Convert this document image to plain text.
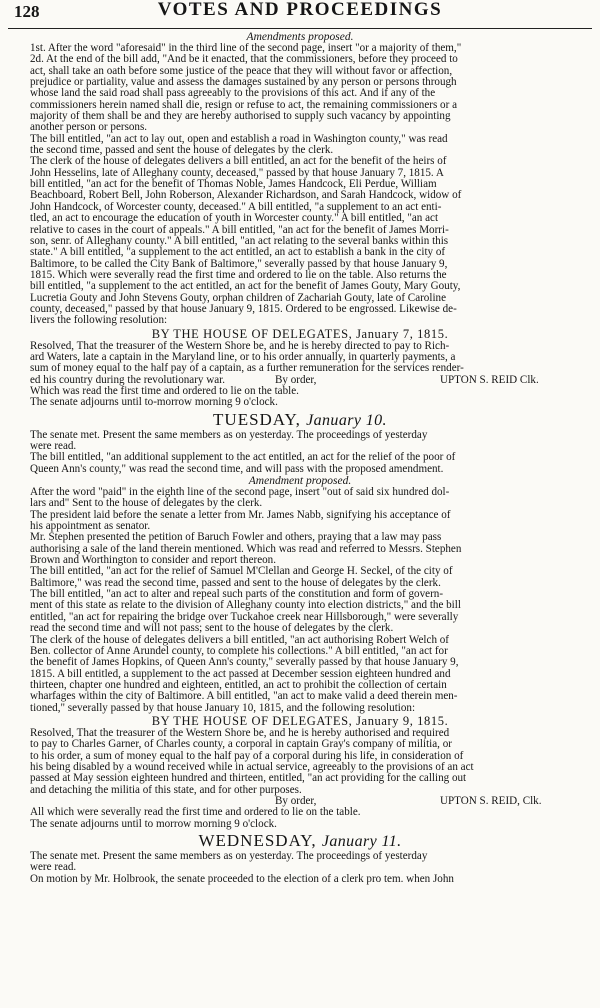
128	VOTES AND PROCEEDINGS

Amendments proposed.

1st. After the word "aforesaid" in the third line of the second page, insert "or a majority of them,"

2d. At the end of the bill add, "And be it enacted, that the commissioners, before they proceed to

act, shall take an oath before some justice of the peace that they will without favor or affection,

prejudice or partiality, value and assess the damages sustained by any person or persons through

whose land the said road shall pass agreeably to the provisions of this act. And if any of the

commissioners herein named shall die, resign or refuse to act, the remaining commissioners or a

majority of them shall be and they are hereby authorised to supply such vacancy by appointing

another person or persons.

The bill entitled, "an act to lay out, open and establish a road in Washington county," was read

the second time, passed and sent the house of delegates by the clerk.

The clerk of the house of delegates delivers a bill entitled, an act for the benefit of the heirs of

John Hesselins, late of Alleghany county, deceased," passed by that house January 7, 1815. A

bill entitled, "an act for the benefit of Thomas Noble, James Handcock, Eli Perdue, William

Beachboard, Robert Bell, John Roberson, Alexander Richardson, and Sarah Handcock, widow of

John Handcock, of Worcester county, deceased." A bill entitled, "a supplement to an act enti-

tled, an act to encourage the education of youth in Worcester county." A bill entitled, "an act

relative to cases in the court of appeals." A bill entitled, "an act for the benefit of James Morri-

son, senr. of Alleghany county." A bill entitled, "an act relating to the several banks within this

state." A bill entitled, "a supplement to the act entitled, an act to establish a bank in the city of

Baltimore, to be called the City Bank of Baltimore," severally passed by that house January 9,

1815. Which were severally read the first time and ordered to lie on the table. Also returns the

bill entitled, "a supplement to the act entitled, an act for the benefit of James Gouty, Mary Gouty,

Lucretia Gouty and John Stevens Gouty, orphan children of Zachariah Gouty, late of Caroline

county, deceased," passed by that house January 9, 1815. Ordered to be engrossed. Likewise de-

livers the following resolution:

BY THE HOUSE OF DELEGATES, January 7, 1815.

Resolved, That the treasurer of the Western Shore be, and he is hereby directed to pay to Rich-

ard Waters, late a captain in the Maryland line, or to his order annually, in quarterly payments, a

sum of money equal to the half pay of a captain, as a further remuneration for the services render-

ed his country during the revolutionary war.	By order,	UPTON S. REID Clk.

Which was read the first time and ordered to lie on the table.

The senate adjourns until to-morrow morning 9 o'clock.

TUESDAY, January 10.

The senate met. Present the same members as on yesterday. The proceedings of yesterday

were read.

The bill entitled, "an additional supplement to the act entitled, an act for the relief of the poor of

Queen Ann's county," was read the second time, and will pass with the proposed amendment.

Amendment proposed.

After the word "paid" in the eighth line of the second page, insert "out of said six hundred dol-

lars and" Sent to the house of delegates by the clerk.

The president laid before the senate a letter from Mr. James Nabb, signifying his acceptance of

his appointment as senator.

Mr. Stephen presented the petition of Baruch Fowler and others, praying that a law may pass

authorising a sale of the land therein mentioned. Which was read and referred to Messrs. Stephen

Brown and Worthington to consider and report thereon.

The bill entitled, "an act for the relief of Samuel M'Clellan and George H. Seckel, of the city of

Baltimore," was read the second time, passed and sent to the house of delegates by the clerk.

The bill entitled, "an act to alter and repeal such parts of the constitution and form of govern-

ment of this state as relate to the division of Alleghany county into election districts," and the bill

entitled, "an act for repairing the bridge over Tuckahoe creek near Hillsborough," were severally

read the second time and will not pass; sent to the house of delegates by the clerk.

The clerk of the house of delegates delivers a bill entitled, "an act authorising Robert Welch of

Ben. collector of Anne Arundel county, to complete his collections." A bill entitled, "an act for

the benefit of James Hopkins, of Queen Ann's county," severally passed by that house January 9,

1815. A bill entitled, a supplement to the act passed at December session eighteen hundred and

thirteen, chapter one hundred and eighteen, entitled, an act to prohibit the collection of certain

wharfages within the city of Baltimore. A bill entitled, "an act to make valid a deed therein men-

tioned," severally passed by that house January 10, 1815, and the following resolution:

BY THE HOUSE OF DELEGATES, January 9, 1815.

Resolved, That the treasurer of the Western Shore be, and he is hereby authorised and required

to pay to Charles Garner, of Charles county, a corporal in captain Gray's company of militia, or

to his order, a sum of money equal to the half pay of a corporal during his life, in consideration of

his being disabled by a wound received while in actual service, agreeably to the provisions of an act

passed at May session eighteen hundred and thirteen, entitled, "an act providing for the calling out

and detaching the militia of this state, and for other purposes.

By order,	UPTON S. REID, Clk.

All which were severally read the first time and ordered to lie on the table.

The senate adjourns until to morrow morning 9 o'clock.

WEDNESDAY, January 11.

The senate met. Present the same members as on yesterday. The proceedings of yesterday

were read.

On motion by Mr. Holbrook, the senate proceeded to the election of a clerk pro tem. when John
